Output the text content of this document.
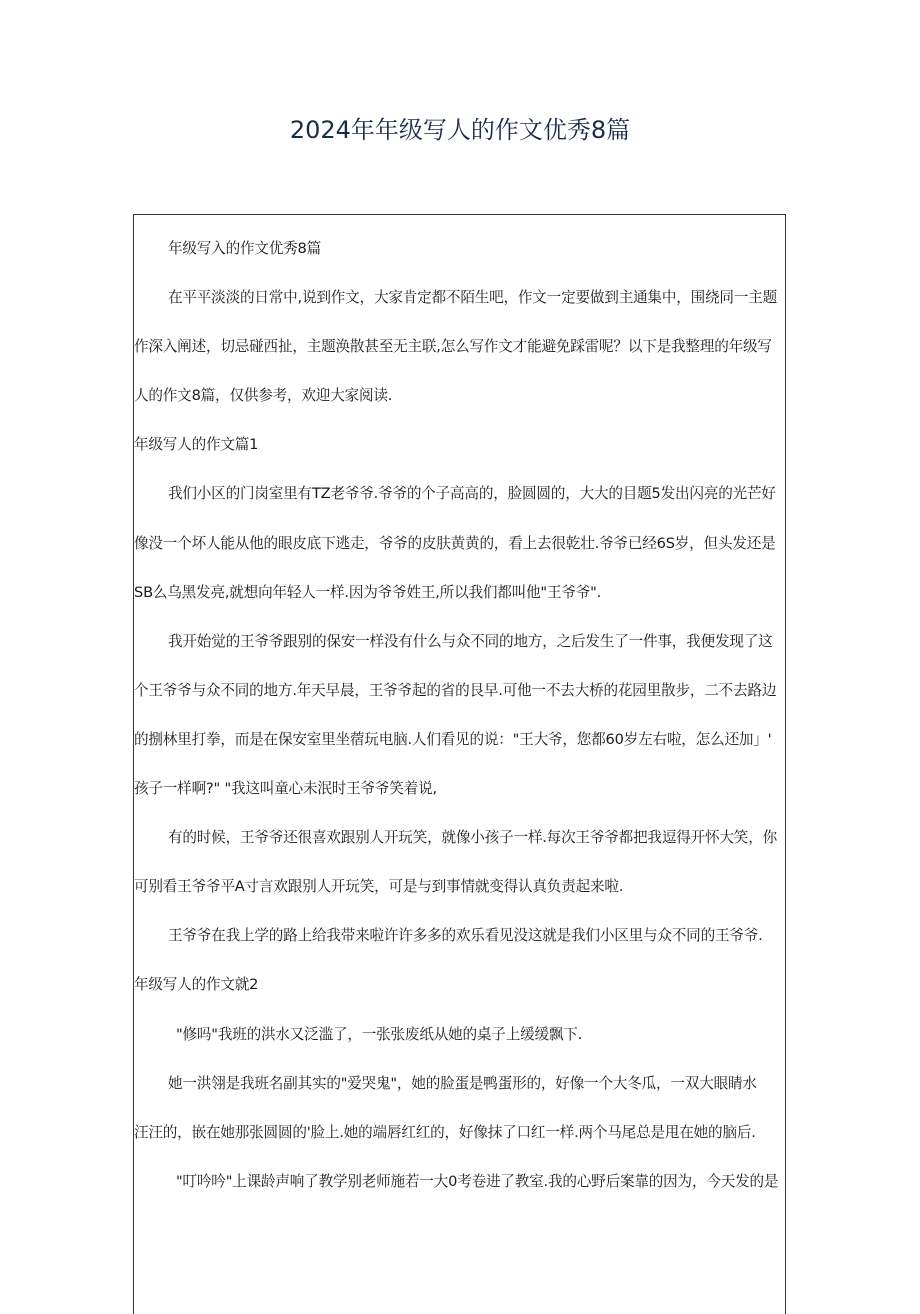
2024年年级写人的作文优秀8篇
年级写入的作文优秀8篇
在平平淡淡的日常中,说到作文，大家肯定都不陌生吧，作文一定要做到主通集中，围绕同一主题
作深入阐述，切忌碰西扯，主题涣散甚至无主联,怎么写作文才能避免踩雷呢？以下是我整理的年级写
人的作文8篇，仅供参考，欢迎大家阅读.
年级写人的作文篇1
我们小区的门岗室里有TZ老爷爷.爷爷的个子高高的，脸圆圆的，大大的目题5发出闪亮的光芒好
像没一个坏人能从他的眼皮底下逃走，爷爷的皮肤黄黄的，看上去很乾壮.爷爷已经6S岁，但头发还是
SB么乌黑发亮,就想向年轻人一样.因为爷爷姓王,所以我们都叫他"王爷爷".
我开始觉的王爷爷跟别的保安一样没有什么与众不同的地方，之后发生了一件事，我便发现了这
个王爷爷与众不同的地方.年天早晨，王爷爷起的省的艮早.可他一不去大桥的花园里散步，二不去路边
的捌林里打拳，而是在保安室里坐蓿玩电脑.人们看见的说："王大爷，您都60岁左右啦，怎么还加」'
孩子一样啊?" "我这叫童心未泯时王爷爷笑着说,
有的时候，王爷爷还很喜欢跟别人开玩笑，就像小孩子一样.每次王爷爷都把我逗得开怀大笑，你
可别看王爷爷平A寸言欢跟别人开玩笑，可是与到事情就变得认真负责起来啦.
王爷爷在我上学的路上给我带来啦许许多多的欢乐看见没这就是我们小区里与众不同的王爷爷.
年级写人的作文就2
"修吗"我班的洪水又泛滥了，一张张废纸从她的桌子上缓缓飘下.
她一洪翎是我班名副其实的"爱哭鬼"，她的脸蛋是鸭蛋形的，好像一个大冬瓜，一双大眼睛水
汪汪的，嵌在她那张圆圆的'脸上.她的端唇红红的，好像抹了口红一样.两个马尾总是甩在她的脑后.
"叮吟吟"上课龄声响了教学别老师施若一大0考卷进了教室.我的心野后案靠的因为，今天发的是
